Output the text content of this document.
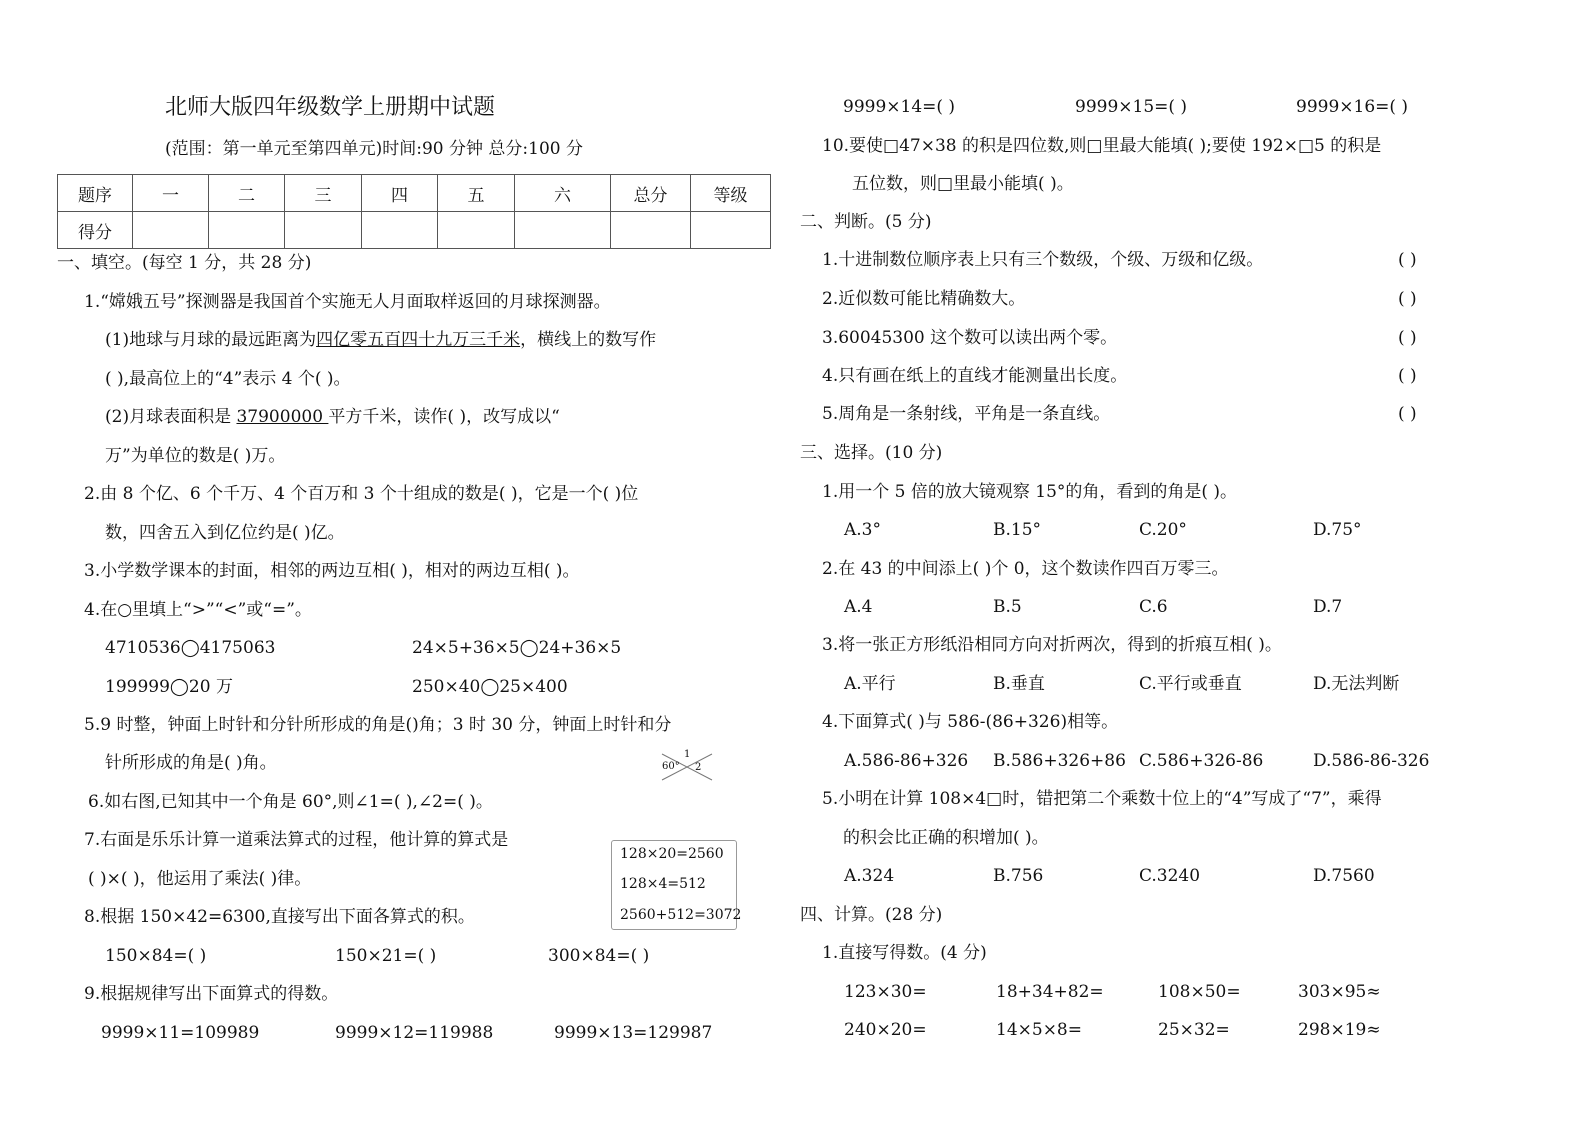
北师大版四年级数学上册期中试题
(范围：第一单元至第四单元)时间:90 分钟 总分:100 分
题序	一	二	三	四	五	六	总分	等级
得分								
一、填空。(每空 1 分，共 28 分)
1.“嫦娥五号”探测器是我国首个实施无人月面取样返回的月球探测器。
(1)地球与月球的最远距离为四亿零五百四十九万三千米，横线上的数写作
( ),最高位上的“4”表示 4 个( )。
(2)月球表面积是 37900000 平方千米，读作( )，改写成以“
万”为单位的数是( )万。
2.由 8 个亿、6 个千万、4 个百万和 3 个十组成的数是( )，它是一个( )位
数，四舍五入到亿位约是( )亿。
3.小学数学课本的封面，相邻的两边互相( )，相对的两边互相( )。
4.在○里填上“>”“<”或“=”。
4710536◯4175063	24×5+36×5◯24+36×5
199999◯20 万	250×40◯25×400
5.9 时整，钟面上时针和分针所形成的角是()角；3 时 30 分，钟面上时针和分
针所形成的角是( )角。	1
60° 2
6.如右图,已知其中一个角是 60°,则∠1=( ),∠2=( )。
7.右面是乐乐计算一道乘法算式的过程，他计算的算式是
( )×( )，他运用了乘法( )律。
128×20=2560
128×4=512
2560+512=3072
8.根据 150×42=6300,直接写出下面各算式的积。
150×84=( )	150×21=( )	300×84=( )
9.根据规律写出下面算式的得数。
9999×11=109989	9999×12=119988	9999×13=129987
9999×14=( )	9999×15=( )	9999×16=( )
10.要使□47×38 的积是四位数,则□里最大能填( );要使 192×□5 的积是
五位数，则□里最小能填( )。
二、判断。(5 分)
1.十进制数位顺序表上只有三个数级，个级、万级和亿级。	( )
2.近似数可能比精确数大。	( )
3.60045300 这个数可以读出两个零。	( )
4.只有画在纸上的直线才能测量出长度。	( )
5.周角是一条射线，平角是一条直线。	( )
三、选择。(10 分)
1.用一个 5 倍的放大镜观察 15°的角，看到的角是( )。
A.3°	B.15°	C.20°	D.75°
2.在 43 的中间添上( )个 0，这个数读作四百万零三。
A.4	B.5	C.6	D.7
3.将一张正方形纸沿相同方向对折两次，得到的折痕互相( )。
A.平行	B.垂直	C.平行或垂直	D.无法判断
4.下面算式( )与 586-(86+326)相等。
A.586-86+326 B.586+326+86 C.586+326-86	D.586-86-326
5.小明在计算 108×4□时，错把第二个乘数十位上的“4”写成了“7”，乘得
的积会比正确的积增加( )。
A.324	B.756	C.3240	D.7560
四、计算。(28 分)
1.直接写得数。(4 分)
123×30=	18+34+82=	108×50=	303×95≈
240×20=	14×5×8=	25×32=	298×19≈
